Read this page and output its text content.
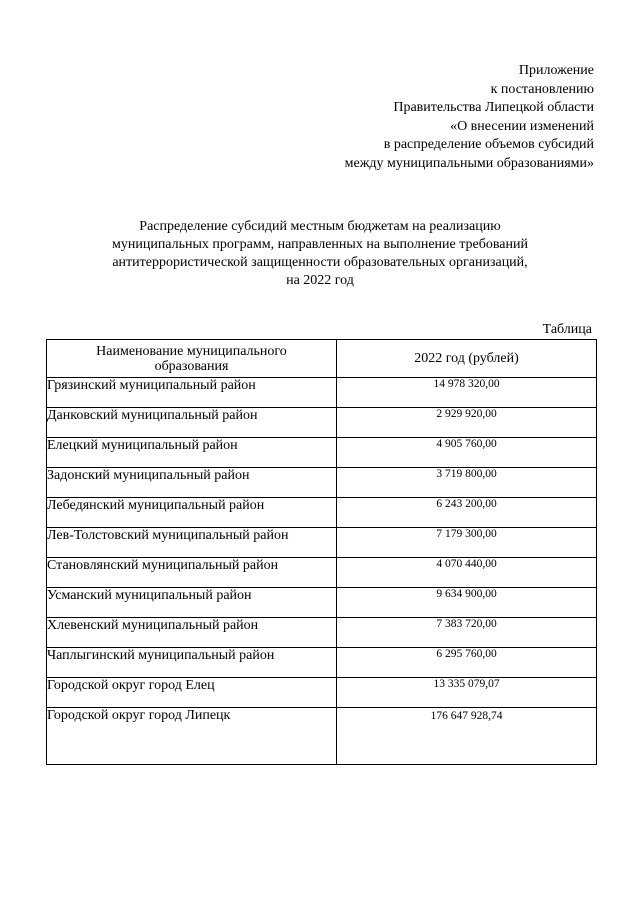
Приложение
к постановлению
Правительства Липецкой области
«О внесении изменений
в распределение объемов субсидий
между муниципальными образованиями»
Распределение субсидий местным бюджетам на реализацию
муниципальных программ, направленных на выполнение требований
антитеррористической защищенности образовательных организаций,
на 2022 год
Таблица
Наименование муниципального
образования	2022 год (рублей)
Грязинский муниципальный район	14 978 320,00
Данковский муниципальный район	2 929 920,00
Елецкий муниципальный район	4 905 760,00
Задонский муниципальный район	3 719 800,00
Лебедянский муниципальный район	6 243 200,00
Лев-Толстовский муниципальный район	7 179 300,00
Становлянский муниципальный район	4 070 440,00
Усманский муниципальный район	9 634 900,00
Хлевенский муниципальный район	7 383 720,00
Чаплыгинский муниципальный район	6 295 760,00
Городской округ город Елец	13 335 079,07
Городской округ город Липецк	176 647 928,74
